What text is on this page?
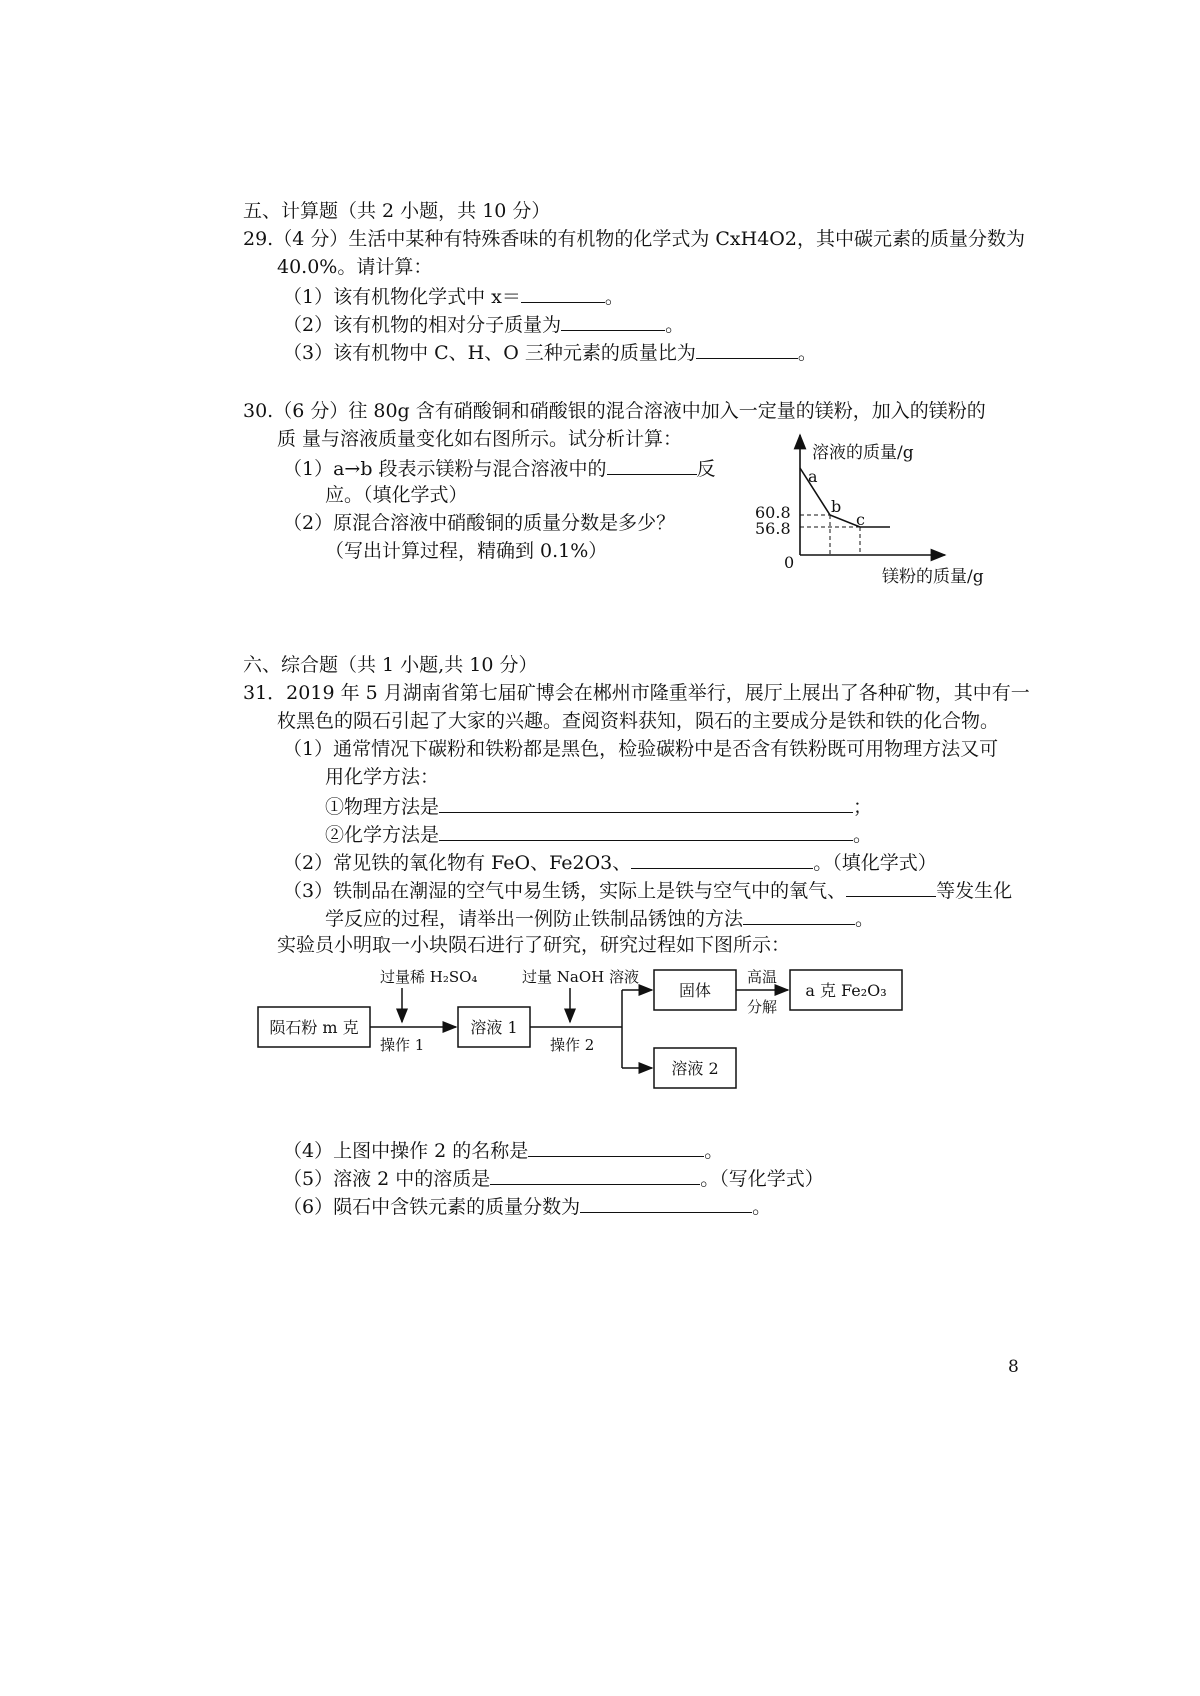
五、计算题（共 2 小题，共 10 分）
29.（4 分）生活中某种有特殊香味的有机物的化学式为 CxH4O2，其中碳元素的质量分数为
40.0%。请计算：
（1）该有机物化学式中 x＝	。
（2）该有机物的相对分子质量为	。
（3）该有机物中 C、H、O 三种元素的质量比为	。
30.（6 分）往 80g 含有硝酸铜和硝酸银的混合溶液中加入一定量的镁粉，加入的镁粉的
质 量与溶液质量变化如右图所示。试分析计算：
（1）a→b 段表示镁粉与混合溶液中的	反
应。（填化学式）
（2）原混合溶液中硝酸铜的质量分数是多少？
（写出计算过程，精确到 0.1%）
溶液的质量/g
镁粉的质量/g
0
60.8
56.8
a
b
c
六、综合题（共 1 小题,共 10 分）
31．2019 年 5 月湖南省第七届矿博会在郴州市隆重举行，展厅上展出了各种矿物，其中有一
枚黑色的陨石引起了大家的兴趣。查阅资料获知，陨石的主要成分是铁和铁的化合物。
（1）通常情况下碳粉和铁粉都是黑色，检验碳粉中是否含有铁粉既可用物理方法又可
用化学方法：
①物理方法是	；
②化学方法是	。
（2）常见铁的氧化物有 FeO、Fe2O3、	。（填化学式）
（3）铁制品在潮湿的空气中易生锈，实际上是铁与空气中的氧气、	等发生化
学反应的过程，请举出一例防止铁制品锈蚀的方法	。
实验员小明取一小块陨石进行了研究，研究过程如下图所示：
陨石粉 m 克
过量稀 H₂SO₄
操作 1
溶液 1
过量 NaOH 溶液
操作 2
固体
高温
分解
a 克 Fe₂O₃
溶液 2
（4）上图中操作 2 的名称是	。
（5）溶液 2 中的溶质是	。（写化学式）
（6）陨石中含铁元素的质量分数为	。
8
